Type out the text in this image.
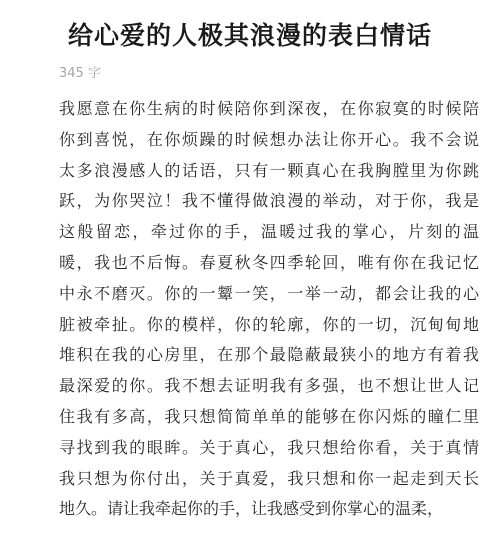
给心爱的人极其浪漫的表白情话
345 字
我愿意在你生病的时候陪你到深夜，在你寂寞的时候陪
你到喜悦，在你烦躁的时候想办法让你开心。我不会说
太多浪漫感人的话语，只有一颗真心在我胸膛里为你跳
跃，为你哭泣！我不懂得做浪漫的举动，对于你，我是
这般留恋，牵过你的手，温暖过我的掌心，片刻的温
暖，我也不后悔。春夏秋冬四季轮回，唯有你在我记忆
中永不磨灭。你的一颦一笑，一举一动，都会让我的心
脏被牵扯。你的模样，你的轮廓，你的一切，沉甸甸地
堆积在我的心房里，在那个最隐蔽最狭小的地方有着我
最深爱的你。我不想去证明我有多强，也不想让世人记
住我有多高，我只想简简单单的能够在你闪烁的瞳仁里
寻找到我的眼眸。关于真心，我只想给你看，关于真情
我只想为你付出，关于真爱，我只想和你一起走到天长
地久。请让我牵起你的手，让我感受到你掌心的温柔，
